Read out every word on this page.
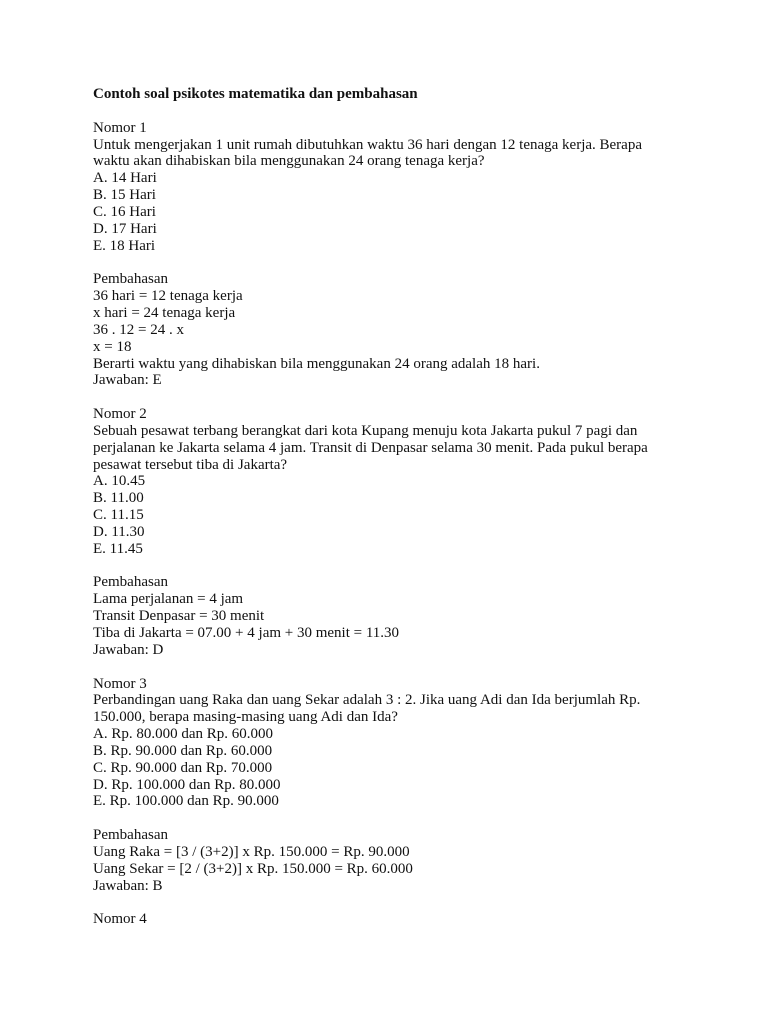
Contoh soal psikotes matematika dan pembahasan

Nomor 1

Untuk mengerjakan 1 unit rumah dibutuhkan waktu 36 hari dengan 12 tenaga kerja. Berapa

waktu akan dihabiskan bila menggunakan 24 orang tenaga kerja?

A. 14 Hari

B. 15 Hari

C. 16 Hari

D. 17 Hari

E. 18 Hari

Pembahasan

36 hari = 12 tenaga kerja

x hari = 24 tenaga kerja

36 . 12 = 24 . x

x = 18

Berarti waktu yang dihabiskan bila menggunakan 24 orang adalah 18 hari.

Jawaban: E

Nomor 2

Sebuah pesawat terbang berangkat dari kota Kupang menuju kota Jakarta pukul 7 pagi dan

perjalanan ke Jakarta selama 4 jam. Transit di Denpasar selama 30 menit. Pada pukul berapa

pesawat tersebut tiba di Jakarta?

A. 10.45

B. 11.00

C. 11.15

D. 11.30

E. 11.45

Pembahasan

Lama perjalanan = 4 jam

Transit Denpasar = 30 menit

Tiba di Jakarta = 07.00 + 4 jam + 30 menit = 11.30

Jawaban: D

Nomor 3

Perbandingan uang Raka dan uang Sekar adalah 3 : 2. Jika uang Adi dan Ida berjumlah Rp.

150.000, berapa masing-masing uang Adi dan Ida?

A. Rp. 80.000 dan Rp. 60.000

B. Rp. 90.000 dan Rp. 60.000

C. Rp. 90.000 dan Rp. 70.000

D. Rp. 100.000 dan Rp. 80.000

E. Rp. 100.000 dan Rp. 90.000

Pembahasan

Uang Raka = [3 / (3+2)] x Rp. 150.000 = Rp. 90.000

Uang Sekar = [2 / (3+2)] x Rp. 150.000 = Rp. 60.000

Jawaban: B

Nomor 4
